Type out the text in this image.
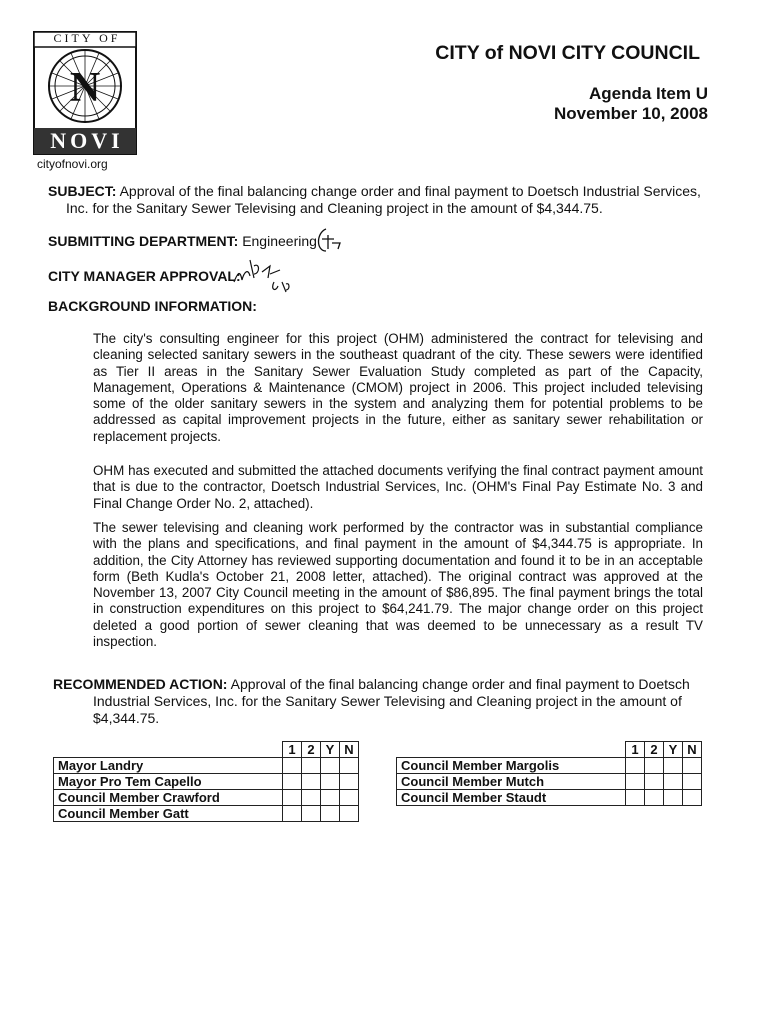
N
CITY OF
NOVI
cityofnovi.org
CITY of NOVI CITY COUNCIL
Agenda Item U
November 10, 2008
SUBJECT: Approval of the final balancing change order and final payment to Doetsch Industrial Services,
Inc. for the Sanitary Sewer Televising and Cleaning project in the amount of $4,344.75.
SUBMITTING DEPARTMENT: Engineering
CITY MANAGER APPROVAL:
BACKGROUND INFORMATION:
The city's consulting engineer for this project (OHM) administered the contract for televising and cleaning selected sanitary sewers in the southeast quadrant of the city. These sewers were identified as Tier II areas in the Sanitary Sewer Evaluation Study completed as part of the Capacity, Management, Operations & Maintenance (CMOM) project in 2006. This project included televising some of the older sanitary sewers in the system and analyzing them for potential problems to be addressed as capital improvement projects in the future, either as sanitary sewer rehabilitation or replacement projects.
OHM has executed and submitted the attached documents verifying the final contract payment amount that is due to the contractor, Doetsch Industrial Services, Inc. (OHM's Final Pay Estimate No. 3 and Final Change Order No. 2, attached).
The sewer televising and cleaning work performed by the contractor was in substantial compliance with the plans and specifications, and final payment in the amount of $4,344.75 is appropriate. In addition, the City Attorney has reviewed supporting documentation and found it to be in an acceptable form (Beth Kudla's October 21, 2008 letter, attached). The original contract was approved at the November 13, 2007 City Council meeting in the amount of $86,895. The final payment brings the total in construction expenditures on this project to $64,241.79. The major change order on this project deleted a good portion of sewer cleaning that was deemed to be unnecessary as a result TV inspection.
RECOMMENDED ACTION: Approval of the final balancing change order and final payment to Doetsch
Industrial Services, Inc. for the Sanitary Sewer Televising and Cleaning project in the amount of
$4,344.75.
	1	2	Y	N
Mayor Landry				
Mayor Pro Tem Capello				
Council Member Crawford				
Council Member Gatt				
	1	2	Y	N
Council Member Margolis				
Council Member Mutch				
Council Member Staudt				
